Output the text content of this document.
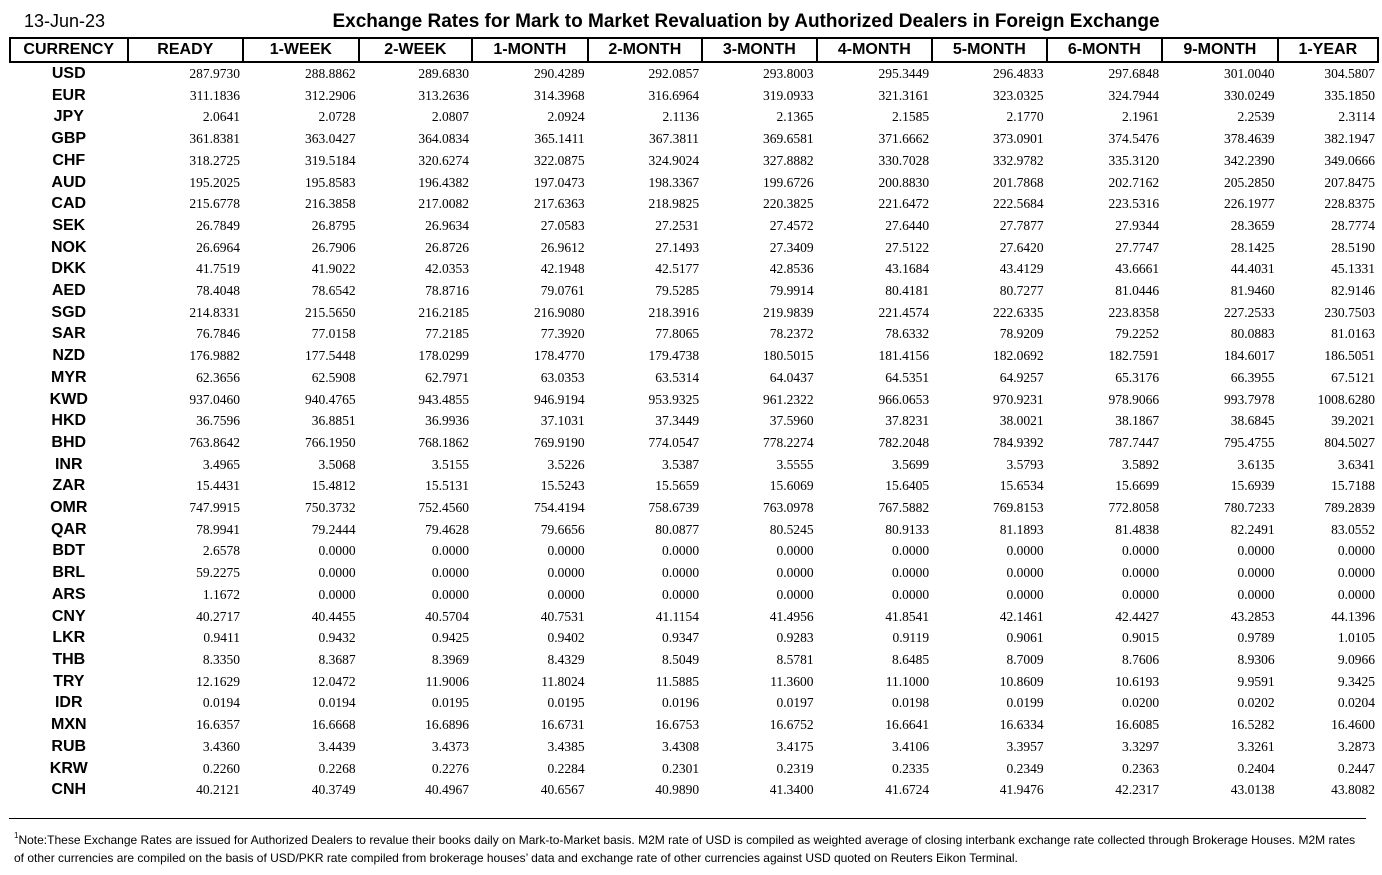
13-Jun-23	Exchange Rates for Mark to Market Revaluation by Authorized Dealers in Foreign Exchange
CURRENCY	READY	1-WEEK	2-WEEK	1-MONTH	2-MONTH	3-MONTH	4-MONTH	5-MONTH	6-MONTH	9-MONTH	1-YEAR
USD	287.9730	288.8862	289.6830	290.4289	292.0857	293.8003	295.3449	296.4833	297.6848	301.0040	304.5807
EUR	311.1836	312.2906	313.2636	314.3968	316.6964	319.0933	321.3161	323.0325	324.7944	330.0249	335.1850
JPY	2.0641	2.0728	2.0807	2.0924	2.1136	2.1365	2.1585	2.1770	2.1961	2.2539	2.3114
GBP	361.8381	363.0427	364.0834	365.1411	367.3811	369.6581	371.6662	373.0901	374.5476	378.4639	382.1947
CHF	318.2725	319.5184	320.6274	322.0875	324.9024	327.8882	330.7028	332.9782	335.3120	342.2390	349.0666
AUD	195.2025	195.8583	196.4382	197.0473	198.3367	199.6726	200.8830	201.7868	202.7162	205.2850	207.8475
CAD	215.6778	216.3858	217.0082	217.6363	218.9825	220.3825	221.6472	222.5684	223.5316	226.1977	228.8375
SEK	26.7849	26.8795	26.9634	27.0583	27.2531	27.4572	27.6440	27.7877	27.9344	28.3659	28.7774
NOK	26.6964	26.7906	26.8726	26.9612	27.1493	27.3409	27.5122	27.6420	27.7747	28.1425	28.5190
DKK	41.7519	41.9022	42.0353	42.1948	42.5177	42.8536	43.1684	43.4129	43.6661	44.4031	45.1331
AED	78.4048	78.6542	78.8716	79.0761	79.5285	79.9914	80.4181	80.7277	81.0446	81.9460	82.9146
SGD	214.8331	215.5650	216.2185	216.9080	218.3916	219.9839	221.4574	222.6335	223.8358	227.2533	230.7503
SAR	76.7846	77.0158	77.2185	77.3920	77.8065	78.2372	78.6332	78.9209	79.2252	80.0883	81.0163
NZD	176.9882	177.5448	178.0299	178.4770	179.4738	180.5015	181.4156	182.0692	182.7591	184.6017	186.5051
MYR	62.3656	62.5908	62.7971	63.0353	63.5314	64.0437	64.5351	64.9257	65.3176	66.3955	67.5121
KWD	937.0460	940.4765	943.4855	946.9194	953.9325	961.2322	966.0653	970.9231	978.9066	993.7978	1008.6280
HKD	36.7596	36.8851	36.9936	37.1031	37.3449	37.5960	37.8231	38.0021	38.1867	38.6845	39.2021
BHD	763.8642	766.1950	768.1862	769.9190	774.0547	778.2274	782.2048	784.9392	787.7447	795.4755	804.5027
INR	3.4965	3.5068	3.5155	3.5226	3.5387	3.5555	3.5699	3.5793	3.5892	3.6135	3.6341
ZAR	15.4431	15.4812	15.5131	15.5243	15.5659	15.6069	15.6405	15.6534	15.6699	15.6939	15.7188
OMR	747.9915	750.3732	752.4560	754.4194	758.6739	763.0978	767.5882	769.8153	772.8058	780.7233	789.2839
QAR	78.9941	79.2444	79.4628	79.6656	80.0877	80.5245	80.9133	81.1893	81.4838	82.2491	83.0552
BDT	2.6578	0.0000	0.0000	0.0000	0.0000	0.0000	0.0000	0.0000	0.0000	0.0000	0.0000
BRL	59.2275	0.0000	0.0000	0.0000	0.0000	0.0000	0.0000	0.0000	0.0000	0.0000	0.0000
ARS	1.1672	0.0000	0.0000	0.0000	0.0000	0.0000	0.0000	0.0000	0.0000	0.0000	0.0000
CNY	40.2717	40.4455	40.5704	40.7531	41.1154	41.4956	41.8541	42.1461	42.4427	43.2853	44.1396
LKR	0.9411	0.9432	0.9425	0.9402	0.9347	0.9283	0.9119	0.9061	0.9015	0.9789	1.0105
THB	8.3350	8.3687	8.3969	8.4329	8.5049	8.5781	8.6485	8.7009	8.7606	8.9306	9.0966
TRY	12.1629	12.0472	11.9006	11.8024	11.5885	11.3600	11.1000	10.8609	10.6193	9.9591	9.3425
IDR	0.0194	0.0194	0.0195	0.0195	0.0196	0.0197	0.0198	0.0199	0.0200	0.0202	0.0204
MXN	16.6357	16.6668	16.6896	16.6731	16.6753	16.6752	16.6641	16.6334	16.6085	16.5282	16.4600
RUB	3.4360	3.4439	3.4373	3.4385	3.4308	3.4175	3.4106	3.3957	3.3297	3.3261	3.2873
KRW	0.2260	0.2268	0.2276	0.2284	0.2301	0.2319	0.2335	0.2349	0.2363	0.2404	0.2447
CNH	40.2121	40.3749	40.4967	40.6567	40.9890	41.3400	41.6724	41.9476	42.2317	43.0138	43.8082
$^1$Note:These Exchange Rates are issued for Authorized Dealers to revalue their books daily on Mark-to-Market basis. M2M rate of USD is compiled as weighted average of closing interbank exchange rate collected through Brokerage Houses. M2M rates of other currencies are compiled on the basis of USD/PKR rate compiled from brokerage houses’ data and exchange rate of other currencies against USD quoted on Reuters Eikon Terminal.
